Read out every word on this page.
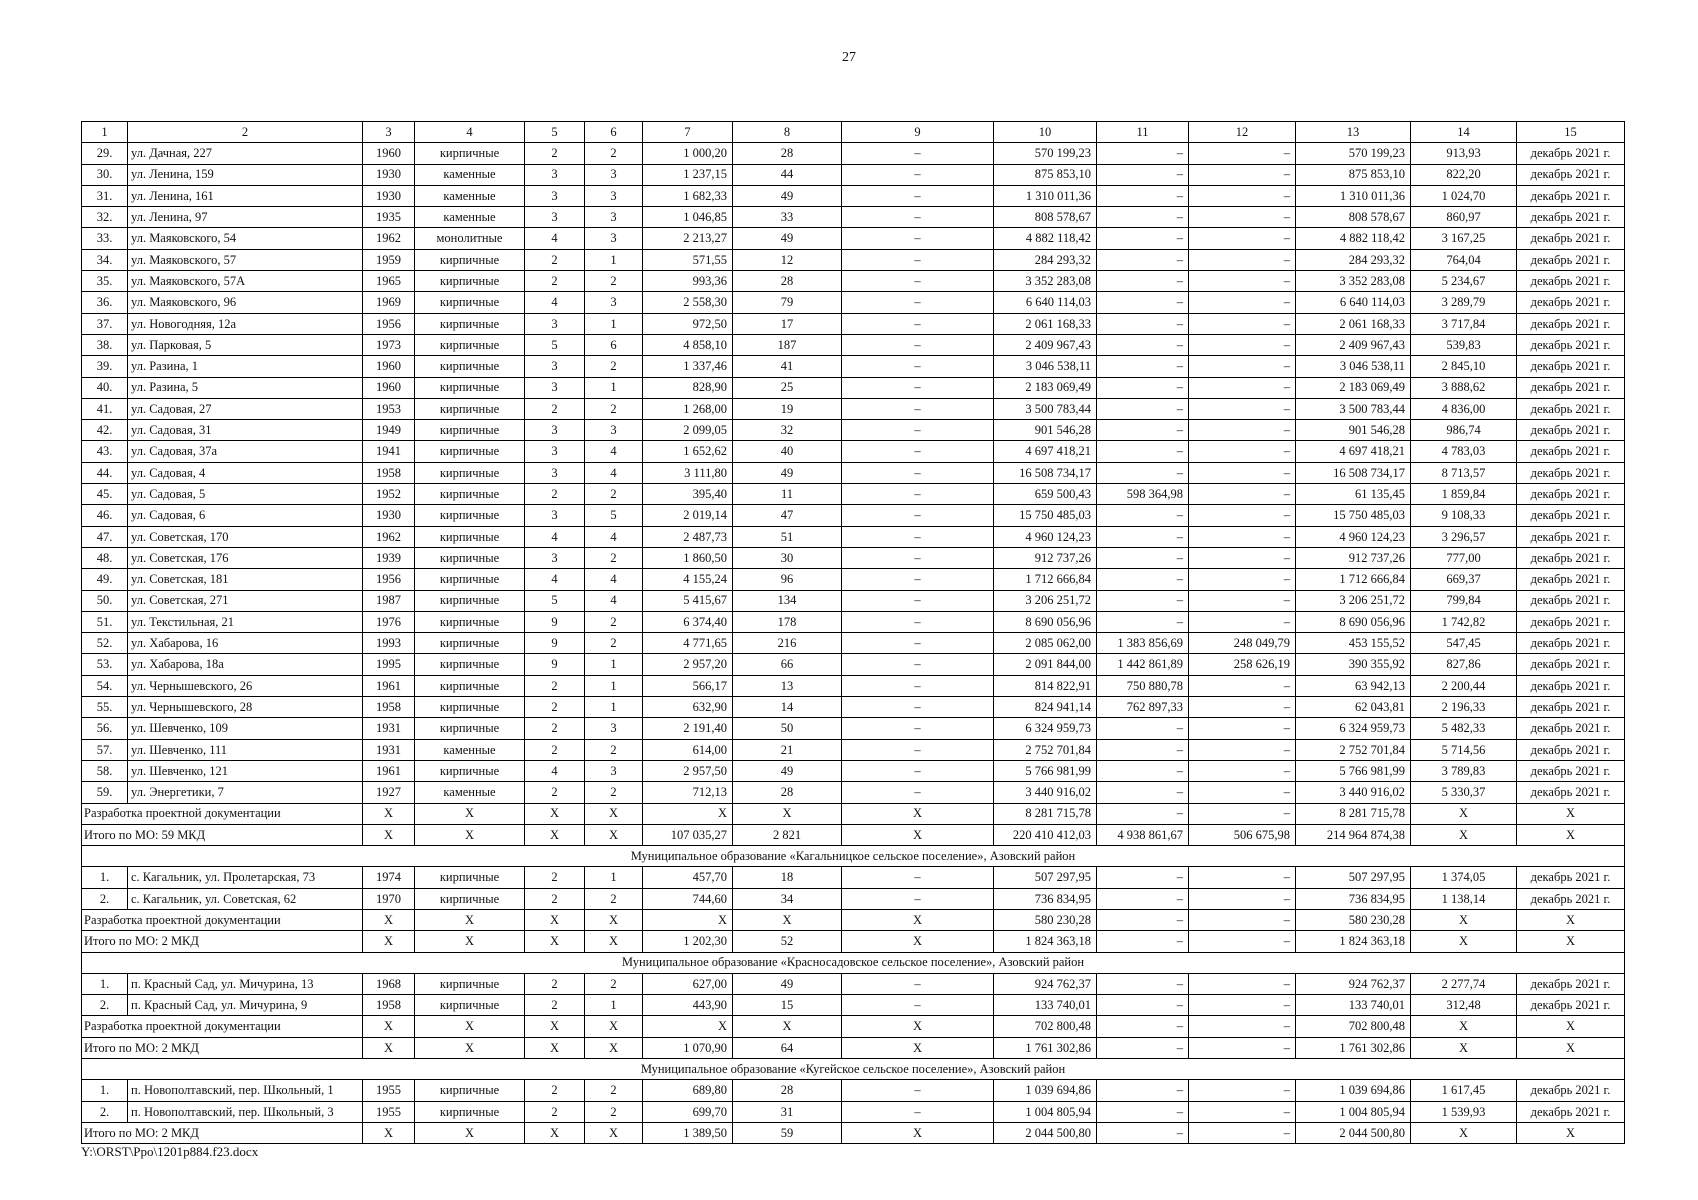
27
1	2	3	4	5	6	7	8	9	10	11	12	13	14	15
29.	ул. Дачная, 227	1960	кирпичные	2	2	1 000,20	28	–	570 199,23	–	–	570 199,23	913,93	декабрь 2021 г.
30.	ул. Ленина, 159	1930	каменные	3	3	1 237,15	44	–	875 853,10	–	–	875 853,10	822,20	декабрь 2021 г.
31.	ул. Ленина, 161	1930	каменные	3	3	1 682,33	49	–	1 310 011,36	–	–	1 310 011,36	1 024,70	декабрь 2021 г.
32.	ул. Ленина, 97	1935	каменные	3	3	1 046,85	33	–	808 578,67	–	–	808 578,67	860,97	декабрь 2021 г.
33.	ул. Маяковского, 54	1962	монолитные	4	3	2 213,27	49	–	4 882 118,42	–	–	4 882 118,42	3 167,25	декабрь 2021 г.
34.	ул. Маяковского, 57	1959	кирпичные	2	1	571,55	12	–	284 293,32	–	–	284 293,32	764,04	декабрь 2021 г.
35.	ул. Маяковского, 57А	1965	кирпичные	2	2	993,36	28	–	3 352 283,08	–	–	3 352 283,08	5 234,67	декабрь 2021 г.
36.	ул. Маяковского, 96	1969	кирпичные	4	3	2 558,30	79	–	6 640 114,03	–	–	6 640 114,03	3 289,79	декабрь 2021 г.
37.	ул. Новогодняя, 12а	1956	кирпичные	3	1	972,50	17	–	2 061 168,33	–	–	2 061 168,33	3 717,84	декабрь 2021 г.
38.	ул. Парковая, 5	1973	кирпичные	5	6	4 858,10	187	–	2 409 967,43	–	–	2 409 967,43	539,83	декабрь 2021 г.
39.	ул. Разина, 1	1960	кирпичные	3	2	1 337,46	41	–	3 046 538,11	–	–	3 046 538,11	2 845,10	декабрь 2021 г.
40.	ул. Разина, 5	1960	кирпичные	3	1	828,90	25	–	2 183 069,49	–	–	2 183 069,49	3 888,62	декабрь 2021 г.
41.	ул. Садовая, 27	1953	кирпичные	2	2	1 268,00	19	–	3 500 783,44	–	–	3 500 783,44	4 836,00	декабрь 2021 г.
42.	ул. Садовая, 31	1949	кирпичные	3	3	2 099,05	32	–	901 546,28	–	–	901 546,28	986,74	декабрь 2021 г.
43.	ул. Садовая, 37а	1941	кирпичные	3	4	1 652,62	40	–	4 697 418,21	–	–	4 697 418,21	4 783,03	декабрь 2021 г.
44.	ул. Садовая, 4	1958	кирпичные	3	4	3 111,80	49	–	16 508 734,17	–	–	16 508 734,17	8 713,57	декабрь 2021 г.
45.	ул. Садовая, 5	1952	кирпичные	2	2	395,40	11	–	659 500,43	598 364,98	–	61 135,45	1 859,84	декабрь 2021 г.
46.	ул. Садовая, 6	1930	кирпичные	3	5	2 019,14	47	–	15 750 485,03	–	–	15 750 485,03	9 108,33	декабрь 2021 г.
47.	ул. Советская, 170	1962	кирпичные	4	4	2 487,73	51	–	4 960 124,23	–	–	4 960 124,23	3 296,57	декабрь 2021 г.
48.	ул. Советская, 176	1939	кирпичные	3	2	1 860,50	30	–	912 737,26	–	–	912 737,26	777,00	декабрь 2021 г.
49.	ул. Советская, 181	1956	кирпичные	4	4	4 155,24	96	–	1 712 666,84	–	–	1 712 666,84	669,37	декабрь 2021 г.
50.	ул. Советская, 271	1987	кирпичные	5	4	5 415,67	134	–	3 206 251,72	–	–	3 206 251,72	799,84	декабрь 2021 г.
51.	ул. Текстильная, 21	1976	кирпичные	9	2	6 374,40	178	–	8 690 056,96	–	–	8 690 056,96	1 742,82	декабрь 2021 г.
52.	ул. Хабарова, 16	1993	кирпичные	9	2	4 771,65	216	–	2 085 062,00	1 383 856,69	248 049,79	453 155,52	547,45	декабрь 2021 г.
53.	ул. Хабарова, 18а	1995	кирпичные	9	1	2 957,20	66	–	2 091 844,00	1 442 861,89	258 626,19	390 355,92	827,86	декабрь 2021 г.
54.	ул. Чернышевского, 26	1961	кирпичные	2	1	566,17	13	–	814 822,91	750 880,78	–	63 942,13	2 200,44	декабрь 2021 г.
55.	ул. Чернышевского, 28	1958	кирпичные	2	1	632,90	14	–	824 941,14	762 897,33	–	62 043,81	2 196,33	декабрь 2021 г.
56.	ул. Шевченко, 109	1931	кирпичные	2	3	2 191,40	50	–	6 324 959,73	–	–	6 324 959,73	5 482,33	декабрь 2021 г.
57.	ул. Шевченко, 111	1931	каменные	2	2	614,00	21	–	2 752 701,84	–	–	2 752 701,84	5 714,56	декабрь 2021 г.
58.	ул. Шевченко, 121	1961	кирпичные	4	3	2 957,50	49	–	5 766 981,99	–	–	5 766 981,99	3 789,83	декабрь 2021 г.
59.	ул. Энергетики, 7	1927	каменные	2	2	712,13	28	–	3 440 916,02	–	–	3 440 916,02	5 330,37	декабрь 2021 г.
Разработка проектной документации		X	X	X	X	X	X	X	8 281 715,78	–	–	8 281 715,78	X	X
Итого по МО: 59 МКД		X	X	X	X	107 035,27	2 821	X	220 410 412,03	4 938 861,67	506 675,98	214 964 874,38	X	X
Муниципальное образование «Кагальницкое сельское поселение», Азовский район														
1.	с. Кагальник, ул. Пролетарская, 73	1974	кирпичные	2	1	457,70	18	–	507 297,95	–	–	507 297,95	1 374,05	декабрь 2021 г.
2.	с. Кагальник, ул. Советская, 62	1970	кирпичные	2	2	744,60	34	–	736 834,95	–	–	736 834,95	1 138,14	декабрь 2021 г.
Разработка проектной документации		X	X	X	X	X	X	X	580 230,28	–	–	580 230,28	X	X
Итого по МО: 2 МКД		X	X	X	X	1 202,30	52	X	1 824 363,18	–	–	1 824 363,18	X	X
Муниципальное образование «Красносадовское сельское поселение», Азовский район														
1.	п. Красный Сад, ул. Мичурина, 13	1968	кирпичные	2	2	627,00	49	–	924 762,37	–	–	924 762,37	2 277,74	декабрь 2021 г.
2.	п. Красный Сад, ул. Мичурина, 9	1958	кирпичные	2	1	443,90	15	–	133 740,01	–	–	133 740,01	312,48	декабрь 2021 г.
Разработка проектной документации		X	X	X	X	X	X	X	702 800,48	–	–	702 800,48	X	X
Итого по МО: 2 МКД		X	X	X	X	1 070,90	64	X	1 761 302,86	–	–	1 761 302,86	X	X
Муниципальное образование «Кугейское сельское поселение», Азовский район														
1.	п. Новополтавский, пер. Школьный, 1	1955	кирпичные	2	2	689,80	28	–	1 039 694,86	–	–	1 039 694,86	1 617,45	декабрь 2021 г.
2.	п. Новополтавский, пер. Школьный, 3	1955	кирпичные	2	2	699,70	31	–	1 004 805,94	–	–	1 004 805,94	1 539,93	декабрь 2021 г.
Итого по МО: 2 МКД		X	X	X	X	1 389,50	59	X	2 044 500,80	–	–	2 044 500,80	X	X
Y:\ORST\Ppo\1201p884.f23.docx
